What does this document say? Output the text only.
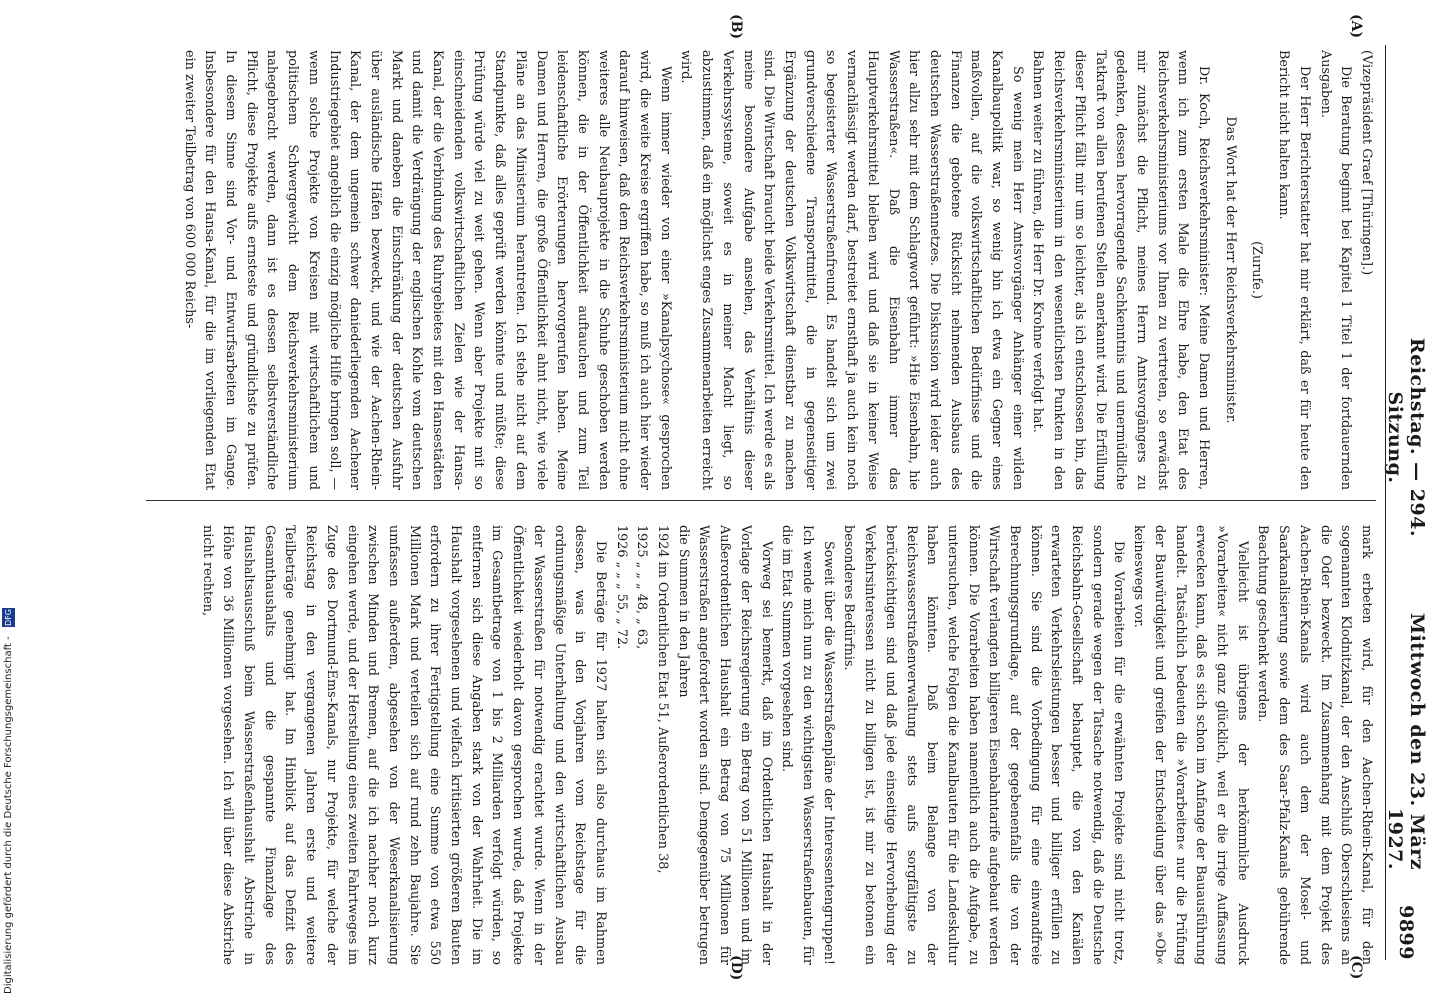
Reichstag. — 294. Sitzung.
Mittwoch den 23. März 1927.
9899
(A)
(B)
(C)
(D)

(Vizepräsident Graef [Thüringen].)

Die Beratung beginnt bei Kapitel 1 Titel 1 der fortdauernden Ausgaben.

Der Herr Berichterstatter hat mir erklärt, daß er für heute den Bericht nicht halten kann.

(Zurufe.)

Das Wort hat der Herr Reichsverkehrsminister.

Dr. Koch, Reichsverkehrsminister: Meine Damen und Herren, wenn ich zum ersten Male die Ehre habe, den Etat des Reichsverkehrsministeriums vor Ihnen zu vertreten, so erwächst mir zunächst die Pflicht, meines Herrn Amtsvorgängers zu gedenken, dessen hervorragende Sachkenntnis und unermüdliche Tatkraft von allen berufenen Stellen anerkannt wird. Die Erfüllung dieser Pflicht fällt mir um so leichter, als ich entschlossen bin, das Reichsverkehrsministerium in den wesentlichsten Punkten in den Bahnen weiter zu führen, die Herr Dr. Krohne verfolgt hat.

So wenig mein Herr Amtsvorgänger Anhänger einer wilden Kanalbaupolitik war, so wenig bin ich etwa ein Gegner eines maßvollen, auf die volkswirtschaftlichen Bedürfnisse und die Finanzen die gebotene Rücksicht nehmenden Ausbaus des deutschen Wasserstraßennetzes. Die Diskussion wird leider auch hier allzu sehr mit dem Schlagwort geführt: »Hie Eisenbahn, hie Wasserstraßen«. Daß die Eisenbahn immer das Hauptverkehrsmittel bleiben wird und daß sie in keiner Weise vernachlässigt werden darf, bestreitet ernsthaft ja auch kein noch so begeisterter Wasserstraßenfreund. Es handelt sich um zwei grundverschiedene Transportmittel, die in gegenseitiger Ergänzung der deutschen Volkswirtschaft dienstbar zu machen sind. Die Wirtschaft braucht beide Verkehrsmittel. Ich werde es als meine besondere Aufgabe ansehen, das Verhältnis dieser Verkehrssysteme, soweit es in meiner Macht liegt, so abzustimmen, daß ein möglichst enges Zusammenarbeiten erreicht wird.

Wenn immer wieder von einer »Kanalpsychose« gesprochen wird, die weite Kreise ergriffen habe, so muß ich auch hier wieder darauf hinweisen, daß dem Reichsverkehrsministerium nicht ohne weiteres alle Neubauprojekte in die Schuhe geschoben werden können, die in der Öffentlichkeit auftauchen und zum Teil leidenschaftliche Erörterungen hervorgerufen haben. Meine Damen und Herren, die große Öffentlichkeit ahnt nicht, wie viele Pläne an das Ministerium herantreten. Ich stehe nicht auf dem Standpunkte, daß alles geprüft werden könnte und müßte; diese Prüfung würde viel zu weit gehen. Wenn aber Projekte mit so einschneidenden volkswirtschaftlichen Zielen wie der Hansa-Kanal, der die Verbindung des Ruhrgebietes mit den Hansestädten und damit die Verdrängung der englischen Kohle vom deutschen Markt und daneben die Einschränkung der deutschen Ausfuhr über ausländische Häfen bezweckt, und wie der Aachen-Rhein-Kanal, der dem ungemein schwer daniederliegenden Aachener Industriegebiet angeblich die einzig mögliche Hilfe bringen soll, — wenn solche Projekte von Kreisen mit wirtschaftlichem und politischem Schwergewicht dem Reichsverkehrsministerium nahegebracht werden, dann ist es dessen selbstverständliche Pflicht, diese Projekte aufs ernsteste und gründlichste zu prüfen. In diesem Sinne sind Vor- und Entwurfsarbeiten im Gange. Insbesondere für den Hansa-Kanal, für die im vorliegenden Etat ein zweiter Teilbetrag von 600 000 Reichs-

mark erbeten wird, für den Aachen-Rhein-Kanal, für den sogenannten Klodnitzkanal, der den Anschluß Oberschlesiens an die Oder bezweckt. Im Zusammenhang mit dem Projekt des Aachen-Rhein-Kanals wird auch dem der Mosel- und Saarkanalisierung sowie dem des Saar-Pfalz-Kanals gebührende Beachtung geschenkt werden.

Vielleicht ist übrigens der herkömmliche Ausdruck »Vorarbeiten« nicht ganz glücklich, weil er die irrige Auffassung erwecken kann, daß es sich schon im Anfange der Bauausführung handelt. Tatsächlich bedeuten die »Vorarbeiten« nur die Prüfung der Bauwürdigkeit und greifen der Entscheidung über das »Ob« keineswegs vor.

Die Vorarbeiten für die erwähnten Projekte sind nicht trotz, sondern gerade wegen der Tatsache notwendig, daß die Deutsche Reichsbahn-Gesellschaft behauptet, die von den Kanälen erwarteten Verkehrsleistungen besser und billiger erfüllen zu können. Sie sind die Vorbedingung für eine einwandfreie Berechnungsgrundlage, auf der gegebenenfalls die von der Wirtschaft verlangten billigeren Eisenbahntarife aufgebaut werden können. Die Vorarbeiten haben namentlich auch die Aufgabe, zu untersuchen, welche Folgen die Kanalbauten für die Landeskultur haben könnten. Daß beim Belange von der Reichswasserstraßenverwaltung stets aufs sorgfältigste zu berücksichtigen sind und daß jede einseitige Hervorhebung der Verkehrsinteressen nicht zu billigen ist, ist mir zu betonen ein besonderes Bedürfnis.

Soweit über die Wasserstraßenpläne der Interessentengruppen! Ich wende mich nun zu den wichtigsten Wasserstraßenbauten, für die im Etat Summen vorgesehen sind.

Vorweg sei bemerkt, daß im Ordentlichen Haushalt in der Vorlage der Reichsregierung ein Betrag von 51 Millionen und im Außerordentlichen Haushalt ein Betrag von 75 Millionen für Wasserstraßen angefordert worden sind. Demgegenüber betrugen die Summen in den Jahren

1924 im Ordentlichen Etat 51, Außerordentlichen 38,

1925 „ „ „ 48, „ 63,

1926 „ „ „ 55, „ 72.

Die Beträge für 1927 halten sich also durchaus im Rahmen dessen, was in den Vorjahren vom Reichstage für die ordnungsmäßige Unterhaltung und den wirtschaftlichen Ausbau der Wasserstraßen für notwendig erachtet wurde. Wenn in der Öffentlichkeit wiederholt davon gesprochen wurde, daß Projekte im Gesamtbetrage von 1 bis 2 Milliarden verfolgt würden, so entfernen sich diese Angaben stark von der Wahrheit. Die im Haushalt vorgesehenen und vielfach kritisierten größeren Bauten erfordern zu ihrer Fertigstellung eine Summe von etwa 550 Millionen Mark und verteilen sich auf rund zehn Baujahre. Sie umfassen außerdem, abgesehen von der Weserkanalisierung zwischen Minden und Bremen, auf die ich nachher noch kurz eingehen werde, und der Herstellung eines zweiten Fahrtweges im Zuge des Dortmund-Ems-Kanals, nur Projekte, für welche der Reichstag in den vergangenen Jahren erste und weitere Teilbeträge genehmigt hat. Im Hinblick auf das Defizit des Gesamthaushalts und die gespannte Finanzlage des Haushaltsausschuß beim Wasserstraßenhaushalt Abstriche in Höhe von 36 Millionen vorgesehen. Ich will über diese Abstriche nicht rechten,

Digitalisierung gefördert durch die Deutsche Forschungsgemeinschaft - DFG
